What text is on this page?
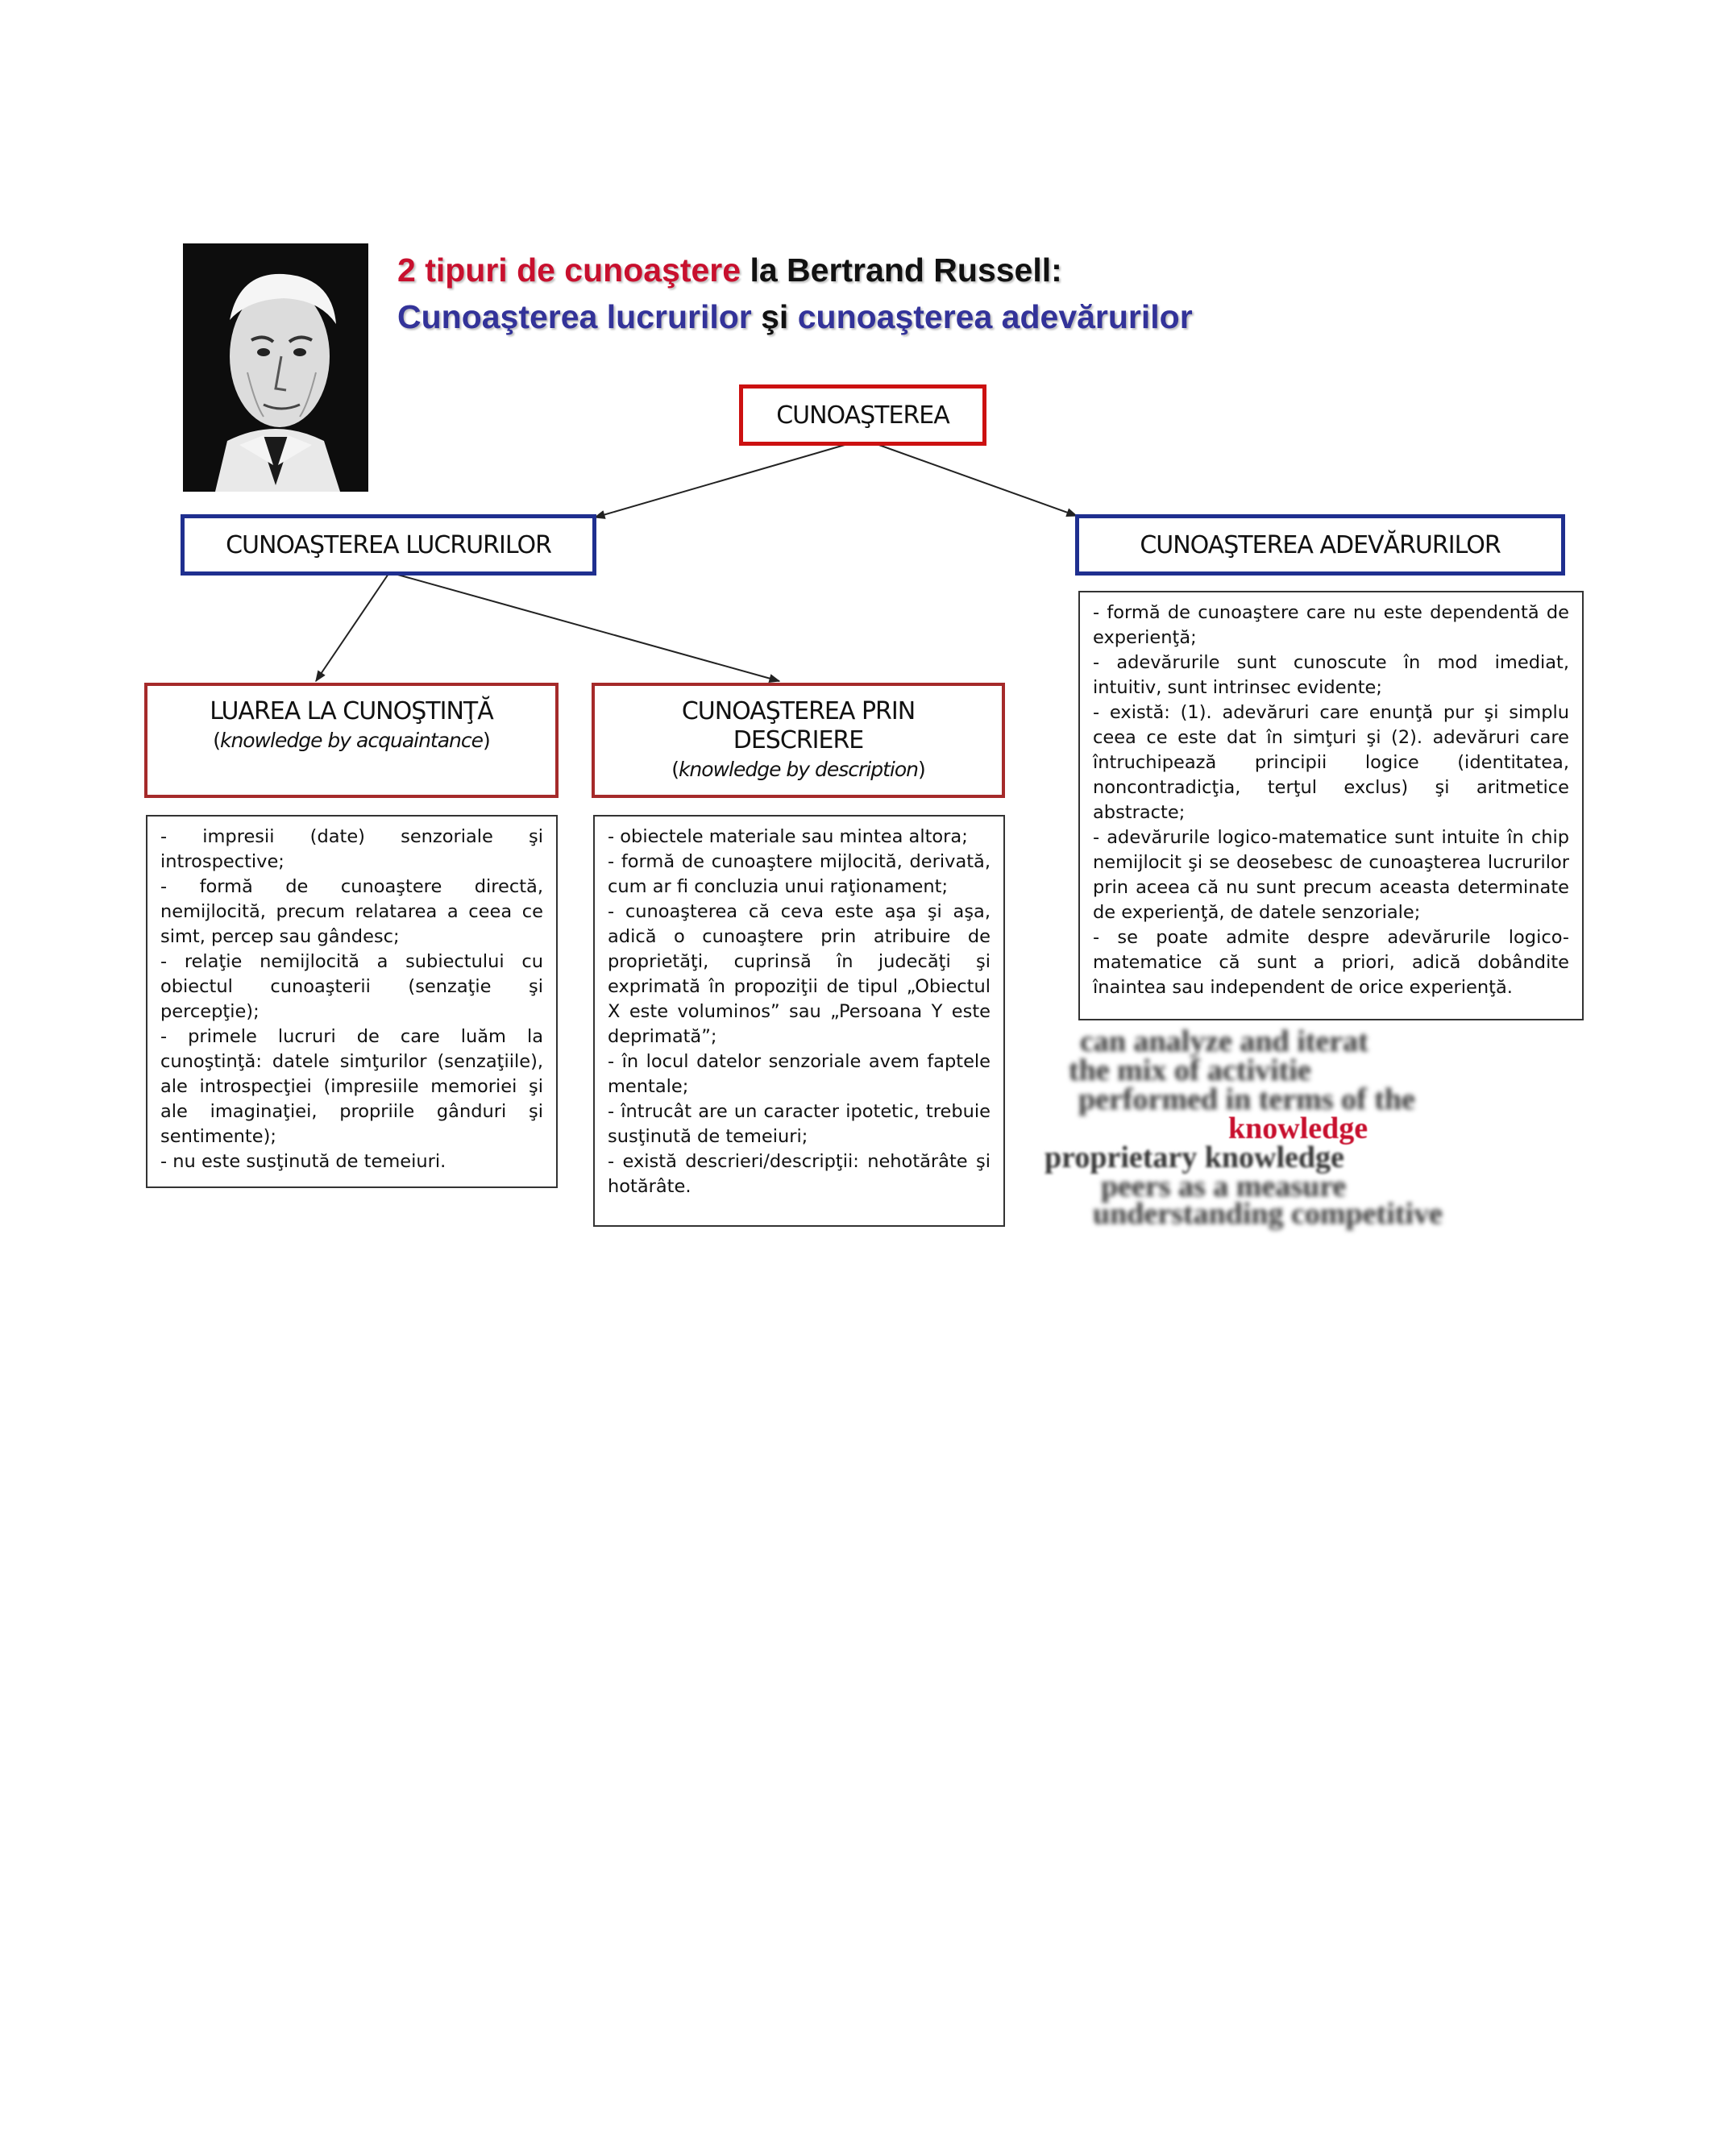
2 tipuri de cunoaştere la Bertrand Russell:
Cunoaşterea lucrurilor şi cunoaşterea adevărurilor
CUNOAŞTEREA
CUNOAŞTEREA LUCRURILOR	CUNOAŞTEREA ADEVĂRURILOR
LUAREA LA CUNOŞTINŢĂ
(knowledge by acquaintance)
CUNOAŞTEREA PRIN
DESCRIERE
(knowledge by description)

- impresii (date) senzoriale şi introspective;

- formă de cunoaştere directă, nemijlocită, precum relatarea a ceea ce simt, percep sau gândesc;

- relaţie nemijlocită a subiectului cu obiectul cunoaşterii (senzaţie şi percepţie);

- primele lucruri de care luăm la cunoştinţă: datele simţurilor (senzaţiile), ale introspecţiei (impresiile memoriei şi ale imaginaţiei, propriile gânduri şi sentimente);

- nu este susţinută de temeiuri.

- obiectele materiale sau mintea altora;

- formă de cunoaştere mijlocită, derivată, cum ar fi concluzia unui raţionament;

- cunoaşterea că ceva este aşa şi aşa, adică o cunoaştere prin atribuire de proprietăţi, cuprinsă în judecăţi şi exprimată în propoziţii de tipul „Obiectul X este voluminos” sau „Persoana Y este deprimată”;

- în locul datelor senzoriale avem faptele mentale;

- întrucât are un caracter ipotetic, trebuie susţinută de temeiuri;

- există descrieri/descripţii: nehotărâte şi hotărâte.

- formă de cunoaştere care nu este dependentă de experienţă;

- adevărurile sunt cunoscute în mod imediat, intuitiv, sunt intrinsec evidente;

- există: (1). adevăruri care enunţă pur şi simplu ceea ce este dat în simţuri şi (2). adevăruri care întruchipează principii logice (identitatea, noncontradicţia, terţul exclus) şi aritmetice abstracte;

- adevărurile logico-matematice sunt intuite în chip nemijlocit şi se deosebesc de cunoaşterea lucrurilor prin aceea că nu sunt precum aceasta determinate de experienţă, de datele senzoriale;

- se poate admite despre adevărurile logico-matematice că sunt a priori, adică dobândite înaintea sau independent de orice experienţă.

can analyze and iterat
the mix of activitie
performed in terms of the
knowledge
proprietary knowledge
peers as a measure
understanding competitive
